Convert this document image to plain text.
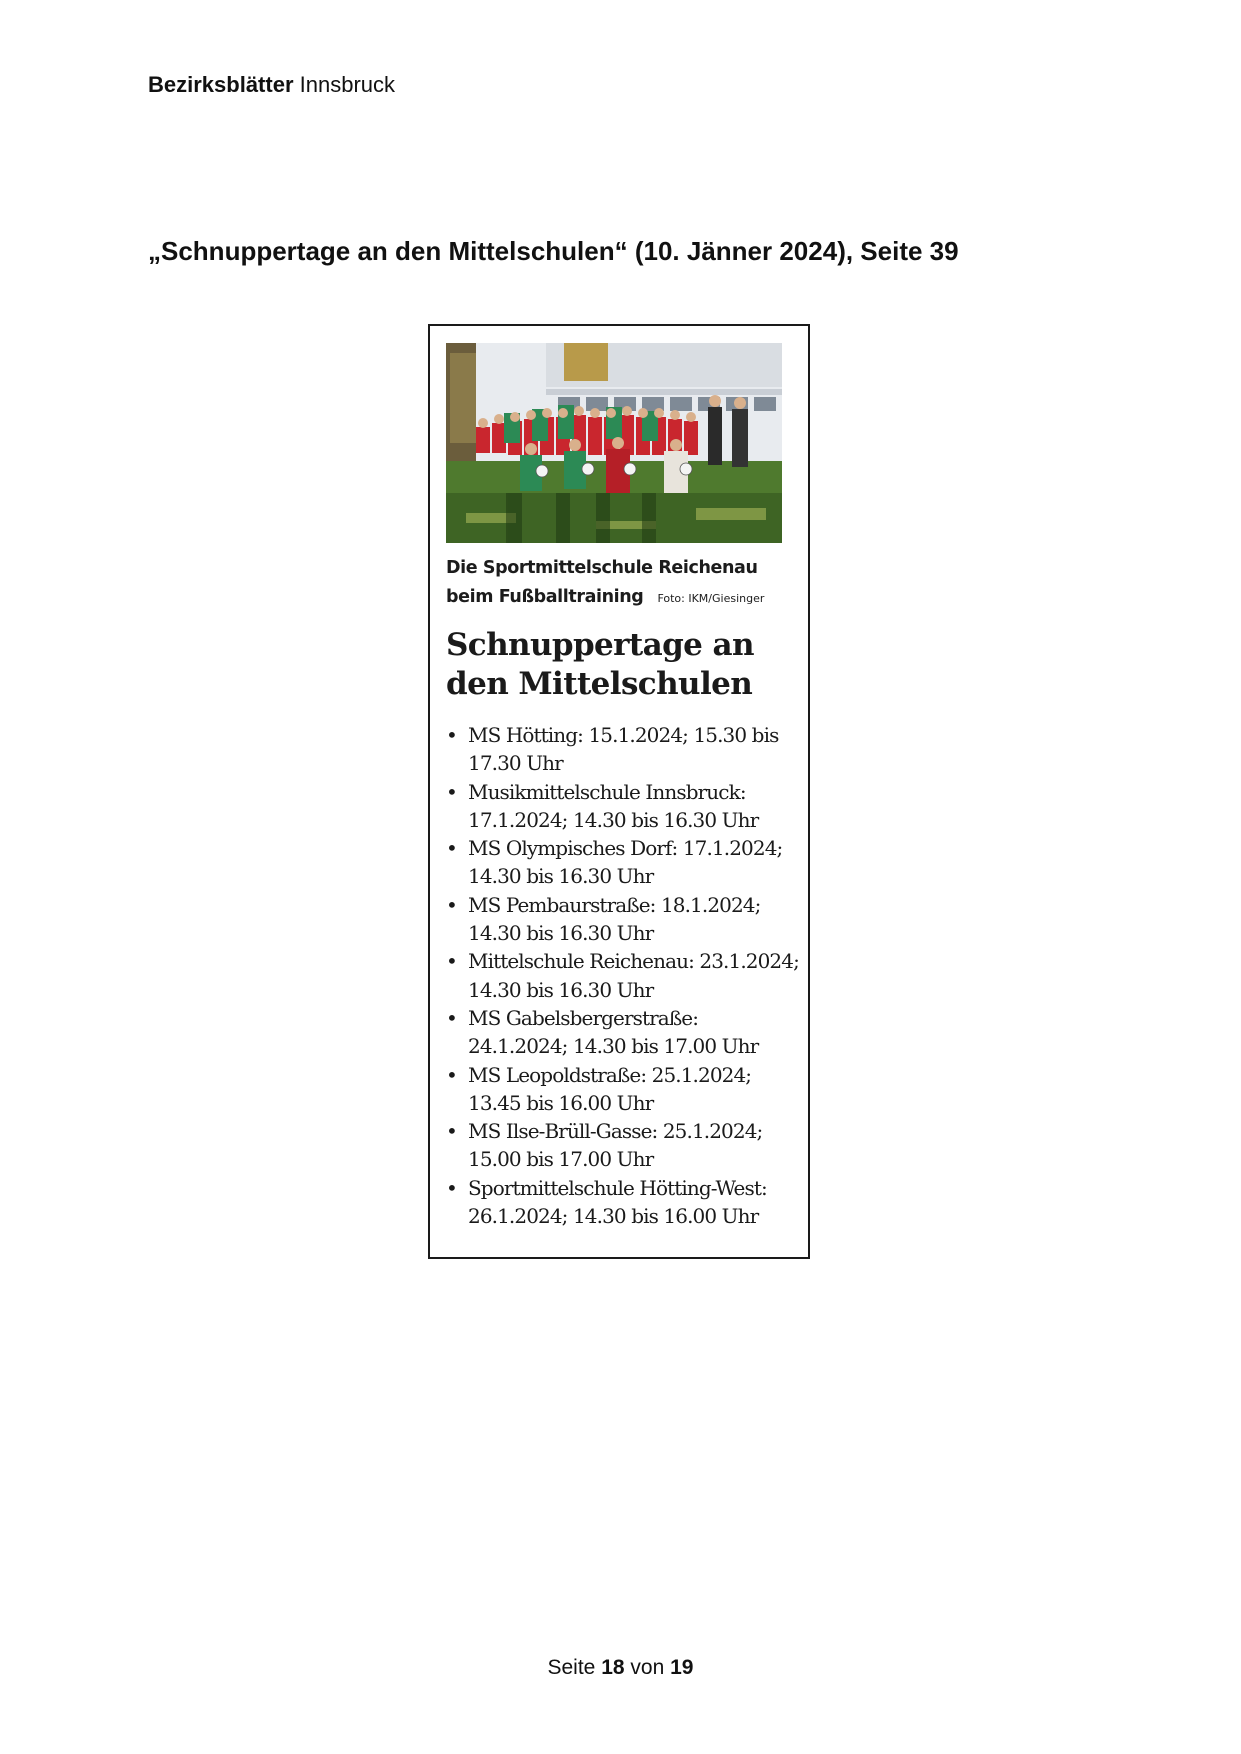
Bezirksblätter Innsbruck
„Schnuppertage an den Mittelschulen“ (10. Jänner 2024), Seite 39
Die Sportmittelschule Reichenau beim Fußballtraining Foto: IKM/Giesinger
Schnuppertage an den Mittelschulen
• MS Hötting: 15.1.2024; 15.30 bis 17.30 Uhr
• Musikmittelschule Innsbruck: 17.1.2024; 14.30 bis 16.30 Uhr
• MS Olympisches Dorf: 17.1.2024; 14.30 bis 16.30 Uhr
• MS Pembaurstraße: 18.1.2024; 14.30 bis 16.30 Uhr
• Mittelschule Reichenau: 23.1.2024; 14.30 bis 16.30 Uhr
• MS Gabelsbergerstraße: 24.1.2024; 14.30 bis 17.00 Uhr
• MS Leopoldstraße: 25.1.2024; 13.45 bis 16.00 Uhr
• MS Ilse-Brüll-Gasse: 25.1.2024; 15.00 bis 17.00 Uhr
• Sportmittelschule Hötting-West: 26.1.2024; 14.30 bis 16.00 Uhr
Seite 18 von 19
